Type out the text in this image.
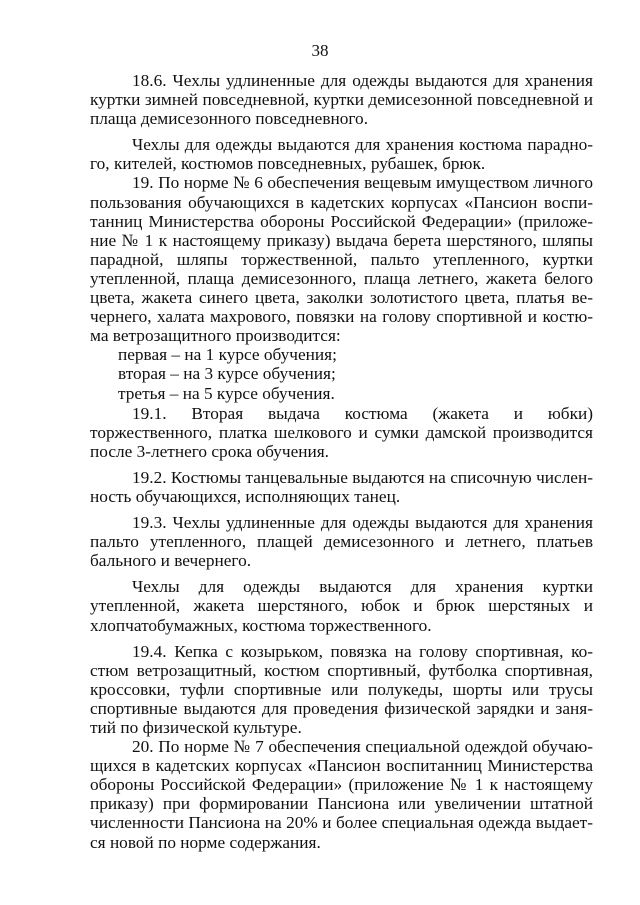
38

18.6. Чехлы удлиненные для одежды выдаются для хранения куртки зимней повседневной, куртки демисезонной повседневной и плаща демисезонного повседневного.

Чехлы для одежды выдаются для хранения костюма парадного, кителей, костюмов повседневных, рубашек, брюк.

19. По норме № 6 обеспечения вещевым имуществом личного пользования обучающихся в кадетских корпусах «Пансион воспитанниц Министерства обороны Российской Федерации» (приложение № 1 к настоящему приказу) выдача берета шерстяного, шляпы парадной, шляпы торжественной, пальто утепленного, куртки утепленной, плаща демисезонного, плаща летнего, жакета белого цвета, жакета синего цвета, заколки золотистого цвета, платья вечернего, халата махрового, повязки на голову спортивной и костюма ветрозащитного производится:

первая – на 1 курсе обучения;
вторая – на 3 курсе обучения;
третья – на 5 курсе обучения.

19.1. Вторая выдача костюма (жакета и юбки) торжественного, платка шелкового и сумки дамской производится после 3-летнего срока обучения.

19.2. Костюмы танцевальные выдаются на списочную численность обучающихся, исполняющих танец.

19.3. Чехлы удлиненные для одежды выдаются для хранения пальто утепленного, плащей демисезонного и летнего, платьев бального и вечернего.

Чехлы для одежды выдаются для хранения куртки утепленной, жакета шерстяного, юбок и брюк шерстяных и хлопчатобумажных, костюма торжественного.

19.4. Кепка с козырьком, повязка на голову спортивная, костюм ветрозащитный, костюм спортивный, футболка спортивная, кроссовки, туфли спортивные или полукеды, шорты или трусы спортивные выдаются для проведения физической зарядки и занятий по физической культуре.

20. По норме № 7 обеспечения специальной одеждой обучающихся в кадетских корпусах «Пансион воспитанниц Министерства обороны Российской Федерации» (приложение № 1 к настоящему приказу) при формировании Пансиона или увеличении штатной численности Пансиона на 20% и более специальная одежда выдается новой по норме содержания.
